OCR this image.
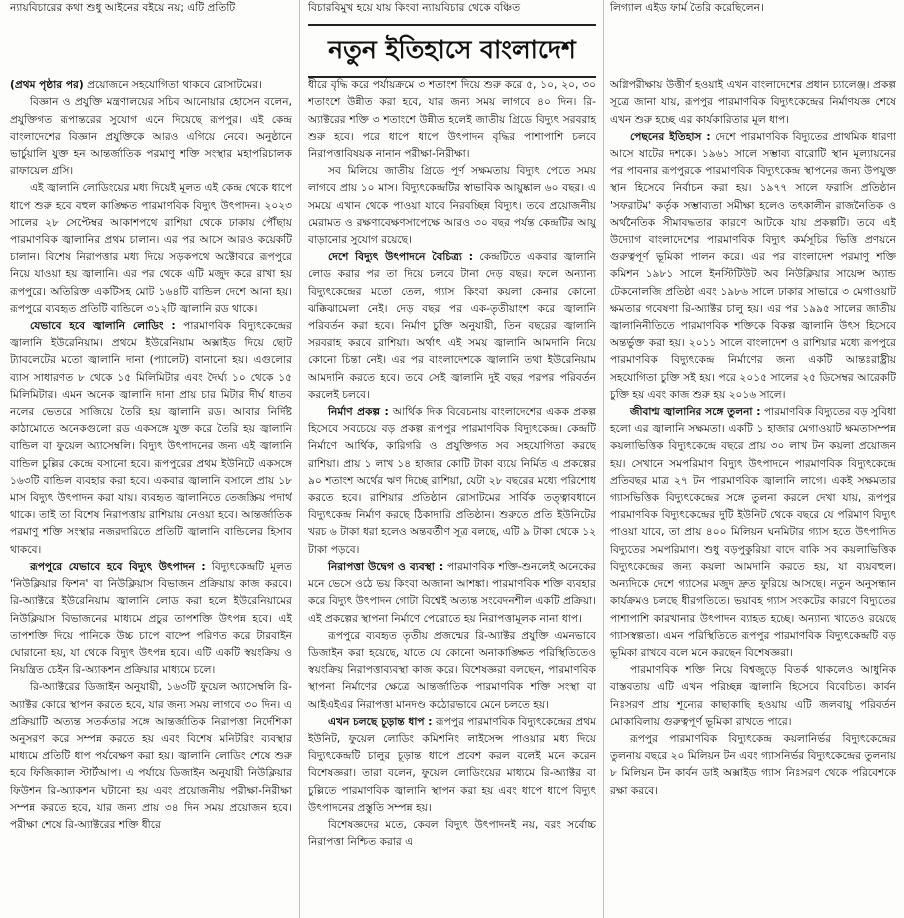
নতুন ইতিহাসে বাংলাদেশ

ন্যায়বিচারের কথা শুধু আইনের বইয়ে নয়; এটি প্রতিটি

(প্রথম পৃষ্ঠার পর) প্রয়োজনে সহযোগিতা থাকবে রোসাটমের।

বিজ্ঞান ও প্রযুক্তি মন্ত্রণালয়ের সচিব আনোয়ার হোসেন বলেন, প্রযুক্তিগত রূপান্তরের সুযোগ এনে দিয়েছে রূপপুর। এই কেন্দ্র বাংলাদেশের বিজ্ঞান প্রযুক্তিকে আরও এগিয়ে নেবে। অনুষ্ঠানে ভার্চুয়ালি যুক্ত হন আন্তর্জাতিক পরমাণু শক্তি সংস্থার মহাপরিচালক রাফায়েল গ্রসি।

এই জ্বালানি লোডিংয়ের মধ্য দিয়েই মূলত এই কেন্দ্র থেকে ধাপে ধাপে শুরু হবে বহুল কাঙ্ক্ষিত পারমাণবিক বিদ্যুৎ উৎপাদন। ২০২৩ সালের ২৮ সেপ্টেম্বর আকাশপথে রাশিয়া থেকে ঢাকায় পৌঁছায় পারমাণবিক জ্বালানির প্রথম চালান। এর পর আসে আরও কয়েকটি চালান। বিশেষ নিরাপত্তার মধ্য দিয়ে সড়কপথে অক্টোবরে রূপপুরে নিয়ে যাওয়া হয় জ্বালানি। এর পর থেকে এটি মজুদ করে রাখা হয় রূপপুরে। অতিরিক্ত একটিসহ মোট ১৬৪টি বান্ডিল দেশে আনা হয়। রূপপুরে ব্যবহৃত প্রতিটি বান্ডিলে ৩১২টি জ্বালানি রড থাকে।

যেভাবে হবে জ্বালানি লোডিং : পারমাণবিক বিদ্যুৎকেন্দ্রের জ্বালানি ইউরেনিয়াম। প্রথমে ইউরেনিয়াম অক্সাইড দিয়ে ছোট ট্যাবলেটের মতো জ্বালানি দানা (প্যালেট) বানানো হয়। এগুলোর ব্যাস সাধারণত ৮ থেকে ১৫ মিলিমিটার এবং দৈর্ঘ্য ১০ থেকে ১৫ মিলিমিটার। এমন অনেক জ্বালানি দানা প্রায় চার মিটার দীর্ঘ ধাতব নলের ভেতরে সাজিয়ে তৈরি হয় জ্বালানি রড। আবার নির্দিষ্ট কাঠামোতে অনেকগুলো রড একসঙ্গে যুক্ত করে তৈরি হয় জ্বালানি বান্ডিল বা ফুয়েল অ্যাসেম্বলি। বিদ্যুৎ উৎপাদনের জন্য এই জ্বালানি বান্ডিল চুল্লির কেন্দ্রে বসানো হবে। রূপপুরের প্রথম ইউনিটে একসঙ্গে ১৬৩টি বান্ডিল ব্যবহার করা হবে। একবার জ্বালানি বসালে প্রায় ১৮ মাস বিদ্যুৎ উৎপাদন করা যায়। ব্যবহৃত জ্বালানিতে তেজস্ক্রিয় পদার্থ থাকে। তাই তা বিশেষ নিরাপত্তায় রাশিয়ায় নেওয়া হবে। আন্তর্জাতিক পরমাণু শক্তি সংস্থার নজরদারিতে প্রতিটি জ্বালানি বান্ডিলের হিসাব থাকবে।

রূপপুরে যেভাবে হবে বিদ্যুৎ উৎপাদন : বিদ্যুৎকেন্দ্রটি মূলত 'নিউক্লিয়ার ফিশন' বা নিউক্লিয়াস বিভাজন প্রক্রিয়ায় কাজ করবে। রি-অ্যাক্টরে ইউরেনিয়াম জ্বালানি লোড করা হলে ইউরেনিয়ামের নিউক্লিয়াস বিভাজনের মাধ্যমে প্রচুর তাপশক্তি উৎপন্ন হবে। এই তাপশক্তি দিয়ে পানিকে উচ্চ চাপে বাষ্পে পরিণত করে টারবাইন ঘোরানো হয়, যা থেকে বিদ্যুৎ উৎপন্ন হবে। এটি একটি স্বয়ংক্রিয় ও নিয়ন্ত্রিত চেইন রি-অ্যাকশন প্রক্রিয়ার মাধ্যমে চলে।

রি-অ্যাক্টরের ডিজাইন অনুযায়ী, ১৬৩টি ফুয়েল অ্যাসেম্বলি রি-অ্যাক্টর কোরে স্থাপন করতে হবে, যার জন্য সময় লাগবে ৩০ দিন। এ প্রক্রিয়াটি অত্যন্ত সতর্কতার সঙ্গে আন্তর্জাতিক নিরাপত্তা নির্দেশিকা অনুসরণ করে সম্পন্ন করতে হয় এবং বিশেষ মনিটরিং ব্যবস্থার মাধ্যমে প্রতিটি ধাপ পর্যবেক্ষণ করা হয়। জ্বালানি লোডিং শেষে শুরু হবে ফিজিক্যাল স্টার্টআপ। এ পর্যায়ে ডিজাইন অনুযায়ী নিউক্লিয়ার ফিউশন রি-অ্যাকশন ঘটানো হয় এবং প্রয়োজনীয় পরীক্ষা-নিরীক্ষা সম্পন্ন করতে হবে, যার জন্য প্রায় ৩৪ দিন সময় প্রয়োজন হবে। পরীক্ষা শেষে রি-অ্যাক্টরের শক্তি ধীরে

বিচারবিমুখ হয়ে যায় কিংবা ন্যায়বিচার থেকে বঞ্চিত

ধীরে বৃদ্ধি করে পর্যায়ক্রমে ৩ শতাংশ দিয়ে শুরু করে ৫, ১০, ২০, ৩০ শতাংশে উন্নীত করা হবে, যার জন্য সময় লাগবে ৪০ দিন। রি-অ্যাক্টরের শক্তি ৩ শতাংশে উন্নীত হলেই জাতীয় গ্রিডে বিদ্যুৎ সরবরাহ শুরু হবে। পরে ধাপে ধাপে উৎপাদন বৃদ্ধির পাশাপাশি চলবে নিরাপত্তাবিষয়ক নানান পরীক্ষা-নিরীক্ষা।

সব মিলিয়ে জাতীয় গ্রিডে পূর্ণ সক্ষমতায় বিদ্যুৎ পেতে সময় লাগবে প্রায় ১০ মাস। বিদ্যুৎকেন্দ্রটির স্বাভাবিক আয়ুষ্কাল ৬০ বছর। এ সময়ে এখান থেকে পাওয়া যাবে নিরবচ্ছিন্ন বিদ্যুৎ। তবে প্রয়োজনীয় মেরামত ও রক্ষণাবেক্ষণসাপেক্ষে আরও ৩০ বছর পর্যন্ত কেন্দ্রটির আয়ু বাড়ানোর সুযোগ রয়েছে।

দেশে বিদ্যুৎ উৎপাদনে বৈচিত্র্য : কেন্দ্রটিতে একবার জ্বালানি লোড করার পর তা দিয়ে চলবে টানা দেড় বছর। ফলে অন্যান্য বিদ্যুৎকেন্দ্রের মতো তেল, গ্যাস কিংবা কয়লা কেনার কোনো ঝক্কিঝামেলা নেই। দেড় বছর পর এক-তৃতীয়াংশ করে জ্বালানি পরিবর্তন করা হবে। নির্মাণ চুক্তি অনুযায়ী, তিন বছরের জ্বালানি সরবরাহ করবে রাশিয়া। অর্থাৎ এই সময় জ্বালানি আমদানি নিয়ে কোনো চিন্তা নেই। এর পর বাংলাদেশকে জ্বালানি তথা ইউরেনিয়াম আমদানি করতে হবে। তবে সেই জ্বালানি দুই বছর পরপর পরিবর্তন করলেই চলবে।

নির্মাণ প্রকল্প : আর্থিক দিক বিবেচনায় বাংলাদেশের একক প্রকল্প হিসেবে সবচেয়ে বড় প্রকল্প রূপপুর পারমাণবিক বিদ্যুৎকেন্দ্র। কেন্দ্রটি নির্মাণে আর্থিক, কারিগরি ও প্রযুক্তিগত সব সহযোগিতা করছে রাশিয়া। প্রায় ১ লাখ ১৪ হাজার কোটি টাকা ব্যয়ে নির্মিত এ প্রকল্পের ৯০ শতাংশ অর্থের ঋণ দিচ্ছে রাশিয়া, যেটা ২৮ বছরের মধ্যে পরিশোধ করতে হবে। রাশিয়ার প্রতিষ্ঠান রোসাটমের সার্বিক তত্ত্বাবধানে বিদ্যুৎকেন্দ্র নির্মাণ করছে ঠিকাদারি প্রতিষ্ঠান। শুরুতে প্রতি ইউনিটের খরচ ৬ টাকা ধরা হলেও অন্তবর্তীণ সূত্র বলছে, এটি ৯ টাকা থেকে ১২ টাকা পড়বে।

নিরাপত্তা উদ্বেগ ও ব্যবস্থা : পারমাণবিক শক্তি-শুনলেই অনেকের মনে ভেসে ওঠে ভয় কিংবা অজানা আশঙ্কা। পারমাণবিক শক্তি ব্যবহার করে বিদ্যুৎ উৎপাদন গোটা বিশ্বেই অত্যন্ত সংবেদনশীল একটি প্রক্রিয়া। এই প্রকল্পের স্থাপনা নির্মাণে পেরোতে হয় নিরাপত্তামূলক নানা ধাপ।

রূপপুরে ব্যবহৃত তৃতীয় প্রজন্মের রি-অ্যাক্টর প্রযুক্তি এমনভাবে ডিজাইন করা হয়েছে, যাতে যে কোনো অনাকাঙ্ক্ষিত পরিস্থিতিতেও স্বয়ংক্রিয় নিরাপত্তাব্যবস্থা কাজ করে। বিশেষজ্ঞরা বলছেন, পারমাণবিক স্থাপনা নির্মাণের ক্ষেত্রে আন্তর্জাতিক পারমাণবিক শক্তি সংস্থা বা আইএইএর নিরাপত্তা মানদণ্ড কঠোরভাবে মেনে চলতে হয়।

এখন চলছে চূড়ান্ত ধাপ : রূপপুর পারমাণবিক বিদ্যুৎকেন্দ্রের প্রথম ইউনিট, ফুয়েল লোডিং কমিশনিং লাইসেন্স পাওয়ার মধ্য দিয়ে বিদ্যুৎকেন্দ্রটি চালুর চূড়ান্ত ধাপে প্রবেশ করল বলেই মনে করেন বিশেষজ্ঞরা। তারা বলেন, ফুয়েল লোডিংয়ের মাধ্যমে রি-অ্যাক্টর বা চুল্লিতে পারমাণবিক জ্বালানি স্থাপন করা হয় এবং ধাপে ধাপে বিদ্যুৎ উৎপাদনের প্রস্তুতি সম্পন্ন হয়।

বিশেষজ্ঞদের মতে, কেবল বিদ্যুৎ উৎপাদনই নয়, বরং সর্বোচ্চ নিরাপত্তা নিশ্চিত করার এ

লিগ্যাল এইড ফার্ম তৈরি করেছিলেন।

অগ্নিপরীক্ষায় উত্তীর্ণ হওয়াই এখন বাংলাদেশের প্রধান চ্যালেঞ্জ। প্রকল্প সূত্রে জানা যায়, রূপপুর পারমাণবিক বিদ্যুৎকেন্দ্রের নির্মাণযজ্ঞ শেষে এখন শুরু হচ্ছে এর কার্যকারিতার মূল ধাপ।

পেছনের ইতিহাস : দেশে পারমাণবিক বিদ্যুতের প্রাথমিক ধারণা আসে ষাটের দশকে। ১৯৬১ সালে সম্ভাব্য বারোটি স্থান মূল্যায়নের পর পাবনার রূপপুরকে পারমাণবিক বিদ্যুৎকেন্দ্র স্থাপনের জন্য উপযুক্ত স্থান হিসেবে নির্বাচন করা হয়। ১৯৭৭ সালে ফরাসি প্রতিষ্ঠান 'সফরাটম' কর্তৃক সম্ভাব্যতা সমীক্ষা হলেও তৎকালীন রাজনৈতিক ও অর্থনৈতিক সীমাবদ্ধতার কারণে আটকে যায় প্রকল্পটি। তবে এই উদ্যোগ বাংলাদেশের পারমাণবিক বিদ্যুৎ কর্মসূচির ভিত্তি প্রণয়নে গুরুত্বপূর্ণ ভূমিকা পালন করে। এর পর বাংলাদেশ পরমাণু শক্তি কমিশন ১৯৮১ সালে ইনস্টিটিউট অব নিউক্লিয়ার সায়েন্স অ্যান্ড টেকনোলজি প্রতিষ্ঠা এবং ১৯৮৬ সালে ঢাকার সাভারে ৩ মেগাওয়াট ক্ষমতার গবেষণা রি-অ্যাক্টর চালু হয়। এর পর ১৯৯৫ সালের জাতীয় জ্বালানিনীতিতে পারমাণবিক শক্তিকে বিকল্প জ্বালানি উৎস হিসেবে অন্তর্ভুক্ত করা হয়। ২০১১ সালে বাংলাদেশ ও রাশিয়ার মধ্যে রূপপুরে পারমাণবিক বিদ্যুৎকেন্দ্র নির্মাণের জন্য একটি আন্তঃরাষ্ট্রীয় সহযোগিতা চুক্তি সই হয়। পরে ২০১৫ সালের ২৫ ডিসেম্বর আরেকটি চুক্তি হয় এবং কাজ শুরু হয় ২০১৬ সালে।

জীবাশ্ম জ্বালানির সঙ্গে তুলনা : পারমাণবিক বিদ্যুতের বড় সুবিধা হলো এর জ্বালানি সক্ষমতা। একটি ১ হাজার মেগাওয়াট ক্ষমতাসম্পন্ন কয়লাভিত্তিক বিদ্যুৎকেন্দ্রে বছরে প্রায় ৩০ লাখ টন কয়লা প্রয়োজন হয়। সেখানে সমপরিমাণ বিদ্যুৎ উৎপাদনে পারমাণবিক বিদ্যুৎকেন্দ্রে প্রতিবছর মাত্র ২৭ টন পারমাণবিক জ্বালানি লাগে। একই সক্ষমতার গ্যাসভিত্তিক বিদ্যুৎকেন্দ্রের সঙ্গে তুলনা করলে দেখা যায়, রূপপুর পারমাণবিক বিদ্যুৎকেন্দ্রের দুটি ইউনিট থেকে বছরে যে পরিমাণ বিদ্যুৎ পাওয়া যাবে, তা প্রায় ৪০০ মিলিয়ন ঘনমিটার গ্যাস হতে উৎপাদিত বিদ্যুতের সমপরিমাণ। শুধু বড়পুকুরিয়া বাদে বাকি সব কয়লাভিত্তিক বিদ্যুৎকেন্দ্রের জন্য কয়লা আমদানি করতে হয়, যা ব্যয়বহুল। অন্যদিকে দেশে গ্যাসের মজুদ দ্রুত ফুরিয়ে আসছে। নতুন অনুসন্ধান কার্যক্রমও চলছে ধীরগতিতে। ভয়াবহ গ্যাস সংকটের কারণে বিদ্যুতের পাশাপাশি কারখানার উৎপাদন ব্যাহত হচ্ছে। অন্যান্য খাতেও রয়েছে গ্যাসস্বল্পতা। এমন পরিস্থিতিতে রূপপুর পারমাণবিক বিদ্যুৎকেন্দ্রটি বড় ভূমিকা রাখবে বলে মনে করছেন বিশেষজ্ঞরা।

পারমাণবিক শক্তি নিয়ে বিশ্বজুড়ে বিতর্ক থাকলেও আধুনিক বাস্তবতায় এটি এখন পরিচ্ছন্ন জ্বালানি হিসেবে বিবেচিত। কার্বন নিঃসরণ প্রায় শূন্যের কাছাকাছি হওয়ায় এটি জলবায়ু পরিবর্তন মোকাবিলায় গুরুত্বপূর্ণ ভূমিকা রাখতে পারে।

রূপপুর পারমাণবিক বিদ্যুৎকেন্দ্র কয়লানির্ভর বিদ্যুৎকেন্দ্রের তুলনায় বছরে ২০ মিলিয়ন টন এবং গ্যাসনির্ভর বিদ্যুৎকেন্দ্রের তুলনায় ৮ মিলিয়ন টন কার্বন ডাই অক্সাইড গ্যাস নিঃসরণ থেকে পরিবেশকে রক্ষা করবে।
